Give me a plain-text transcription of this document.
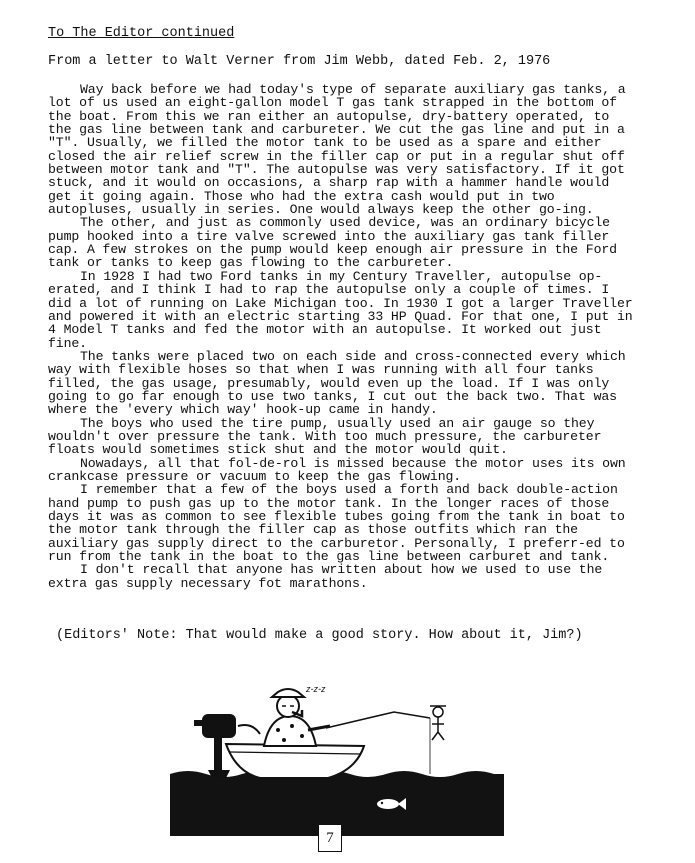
To The Editor continued

From a letter to Walt Verner from Jim Webb, dated Feb. 2, 1976

Way back before we had today's type of separate auxiliary gas tanks, a lot of us used an eight-gallon model T gas tank strapped in the bottom of the boat. From this we ran either an autopulse, dry-battery operated, to the gas line between tank and carbureter. We cut the gas line and put in a "T". Usually, we filled the motor tank to be used as a spare and either closed the air relief screw in the filler cap or put in a regular shut off between motor tank and "T". The autopulse was very satisfactory. If it got stuck, and it would on occasions, a sharp rap with a hammer handle would get it going again. Those who had the extra cash would put in two autopluses, usually in series. One would always keep the other go-ing.

The other, and just as commonly used device, was an ordinary bicycle pump hooked into a tire valve screwed into the auxiliary gas tank filler cap. A few strokes on the pump would keep enough air pressure in the Ford tank or tanks to keep gas flowing to the carbureter.

In 1928 I had two Ford tanks in my Century Traveller, autopulse op-erated, and I think I had to rap the autopulse only a couple of times. I did a lot of running on Lake Michigan too. In 1930 I got a larger Traveller and powered it with an electric starting 33 HP Quad. For that one, I put in 4 Model T tanks and fed the motor with an autopulse. It worked out just fine.

The tanks were placed two on each side and cross-connected every which way with flexible hoses so that when I was running with all four tanks filled, the gas usage, presumably, would even up the load. If I was only going to go far enough to use two tanks, I cut out the back two. That was where the 'every which way' hook-up came in handy.

The boys who used the tire pump, usually used an air gauge so they wouldn't over pressure the tank. With too much pressure, the carbureter floats would sometimes stick shut and the motor would quit.

Nowadays, all that fol-de-rol is missed because the motor uses its own crankcase pressure or vacuum to keep the gas flowing.

I remember that a few of the boys used a forth and back double-action hand pump to push gas up to the motor tank. In the longer races of those days it was as common to see flexible tubes going from the tank in boat to the motor tank through the filler cap as those outfits which ran the auxiliary gas supply direct to the carburetor. Personally, I preferr-ed to run from the tank in the boat to the gas line between carburet and tank.

I don't recall that anyone has written about how we used to use the extra gas supply necessary fot marathons.

(Editors' Note: That would make a good story. How about it, Jim?)

z-z-z
7
